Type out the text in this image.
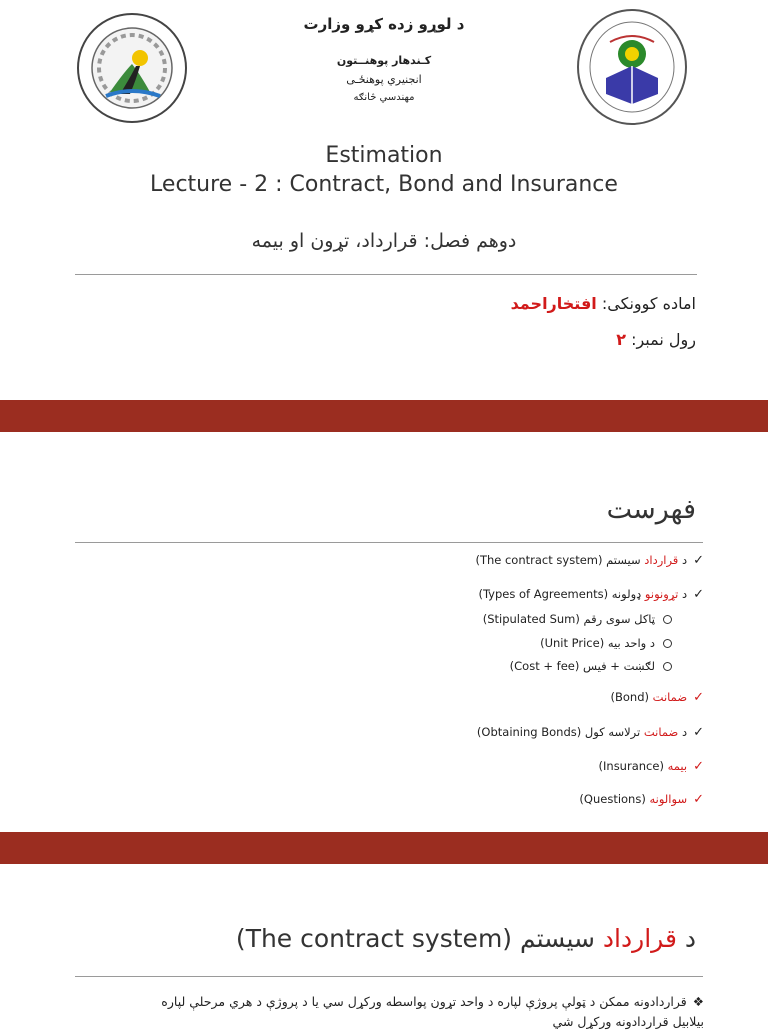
د لوړو زده کړو وزارت
کـندهار پوهنــتون
انجنيري پوهنځـی
مهندسي څانګه
Estimation
Lecture - 2 : Contract, Bond and Insurance
دوهم فصل: قرارداد، تړون او بیمه
اماده کوونکی: افتخاراحمد
رول نمبر: ۲
فهرست
✓د قرارداد سیستم (The contract system)
✓د تړونونو ډولونه (Types of Agreements)
✓ضمانت (Bond)
✓د ضمانت ترلاسه کول (Obtaining Bonds)
✓بیمه (Insurance)
✓سوالونه (Questions)
ټاکل سوی رقم (Stipulated Sum)
د واحد بیه (Unit Price)
لګښت + فیس (Cost + fee)
د قرارداد سیستم (The contract system)
❖قراردادونه ممکن د ټولې پروژې لپاره د واحد تړون پواسطه ورکړل سي يا د پروژې د هري مرحلې لپاره
بیلابیل قراردادونه ورکړل شي
